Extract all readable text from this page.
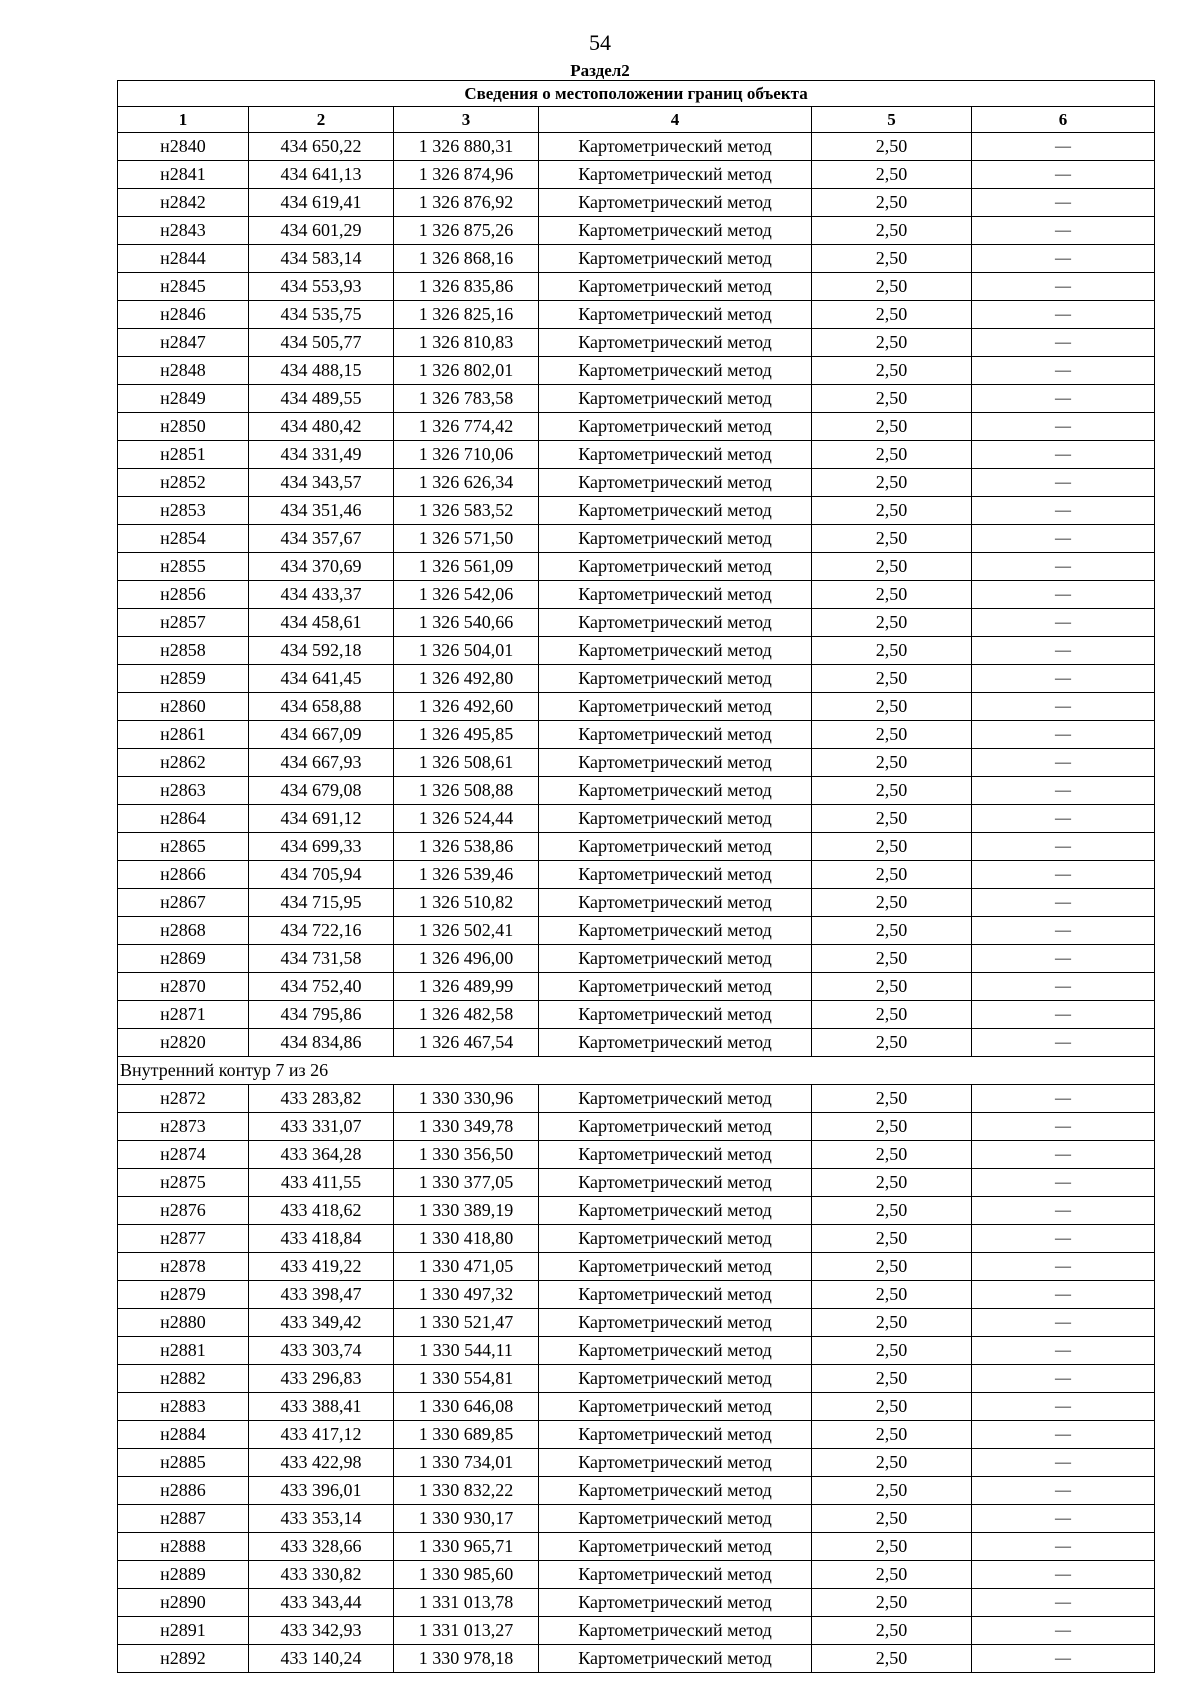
54
Раздел2
Сведения о местоположении границ объекта					
1	2	3	4	5	6
н2840	434 650,22	1 326 880,31	Картометрический метод	2,50	—
н2841	434 641,13	1 326 874,96	Картометрический метод	2,50	—
н2842	434 619,41	1 326 876,92	Картометрический метод	2,50	—
н2843	434 601,29	1 326 875,26	Картометрический метод	2,50	—
н2844	434 583,14	1 326 868,16	Картометрический метод	2,50	—
н2845	434 553,93	1 326 835,86	Картометрический метод	2,50	—
н2846	434 535,75	1 326 825,16	Картометрический метод	2,50	—
н2847	434 505,77	1 326 810,83	Картометрический метод	2,50	—
н2848	434 488,15	1 326 802,01	Картометрический метод	2,50	—
н2849	434 489,55	1 326 783,58	Картометрический метод	2,50	—
н2850	434 480,42	1 326 774,42	Картометрический метод	2,50	—
н2851	434 331,49	1 326 710,06	Картометрический метод	2,50	—
н2852	434 343,57	1 326 626,34	Картометрический метод	2,50	—
н2853	434 351,46	1 326 583,52	Картометрический метод	2,50	—
н2854	434 357,67	1 326 571,50	Картометрический метод	2,50	—
н2855	434 370,69	1 326 561,09	Картометрический метод	2,50	—
н2856	434 433,37	1 326 542,06	Картометрический метод	2,50	—
н2857	434 458,61	1 326 540,66	Картометрический метод	2,50	—
н2858	434 592,18	1 326 504,01	Картометрический метод	2,50	—
н2859	434 641,45	1 326 492,80	Картометрический метод	2,50	—
н2860	434 658,88	1 326 492,60	Картометрический метод	2,50	—
н2861	434 667,09	1 326 495,85	Картометрический метод	2,50	—
н2862	434 667,93	1 326 508,61	Картометрический метод	2,50	—
н2863	434 679,08	1 326 508,88	Картометрический метод	2,50	—
н2864	434 691,12	1 326 524,44	Картометрический метод	2,50	—
н2865	434 699,33	1 326 538,86	Картометрический метод	2,50	—
н2866	434 705,94	1 326 539,46	Картометрический метод	2,50	—
н2867	434 715,95	1 326 510,82	Картометрический метод	2,50	—
н2868	434 722,16	1 326 502,41	Картометрический метод	2,50	—
н2869	434 731,58	1 326 496,00	Картометрический метод	2,50	—
н2870	434 752,40	1 326 489,99	Картометрический метод	2,50	—
н2871	434 795,86	1 326 482,58	Картометрический метод	2,50	—
н2820	434 834,86	1 326 467,54	Картометрический метод	2,50	—
Внутренний контур 7 из 26					
н2872	433 283,82	1 330 330,96	Картометрический метод	2,50	—
н2873	433 331,07	1 330 349,78	Картометрический метод	2,50	—
н2874	433 364,28	1 330 356,50	Картометрический метод	2,50	—
н2875	433 411,55	1 330 377,05	Картометрический метод	2,50	—
н2876	433 418,62	1 330 389,19	Картометрический метод	2,50	—
н2877	433 418,84	1 330 418,80	Картометрический метод	2,50	—
н2878	433 419,22	1 330 471,05	Картометрический метод	2,50	—
н2879	433 398,47	1 330 497,32	Картометрический метод	2,50	—
н2880	433 349,42	1 330 521,47	Картометрический метод	2,50	—
н2881	433 303,74	1 330 544,11	Картометрический метод	2,50	—
н2882	433 296,83	1 330 554,81	Картометрический метод	2,50	—
н2883	433 388,41	1 330 646,08	Картометрический метод	2,50	—
н2884	433 417,12	1 330 689,85	Картометрический метод	2,50	—
н2885	433 422,98	1 330 734,01	Картометрический метод	2,50	—
н2886	433 396,01	1 330 832,22	Картометрический метод	2,50	—
н2887	433 353,14	1 330 930,17	Картометрический метод	2,50	—
н2888	433 328,66	1 330 965,71	Картометрический метод	2,50	—
н2889	433 330,82	1 330 985,60	Картометрический метод	2,50	—
н2890	433 343,44	1 331 013,78	Картометрический метод	2,50	—
н2891	433 342,93	1 331 013,27	Картометрический метод	2,50	—
н2892	433 140,24	1 330 978,18	Картометрический метод	2,50	—
